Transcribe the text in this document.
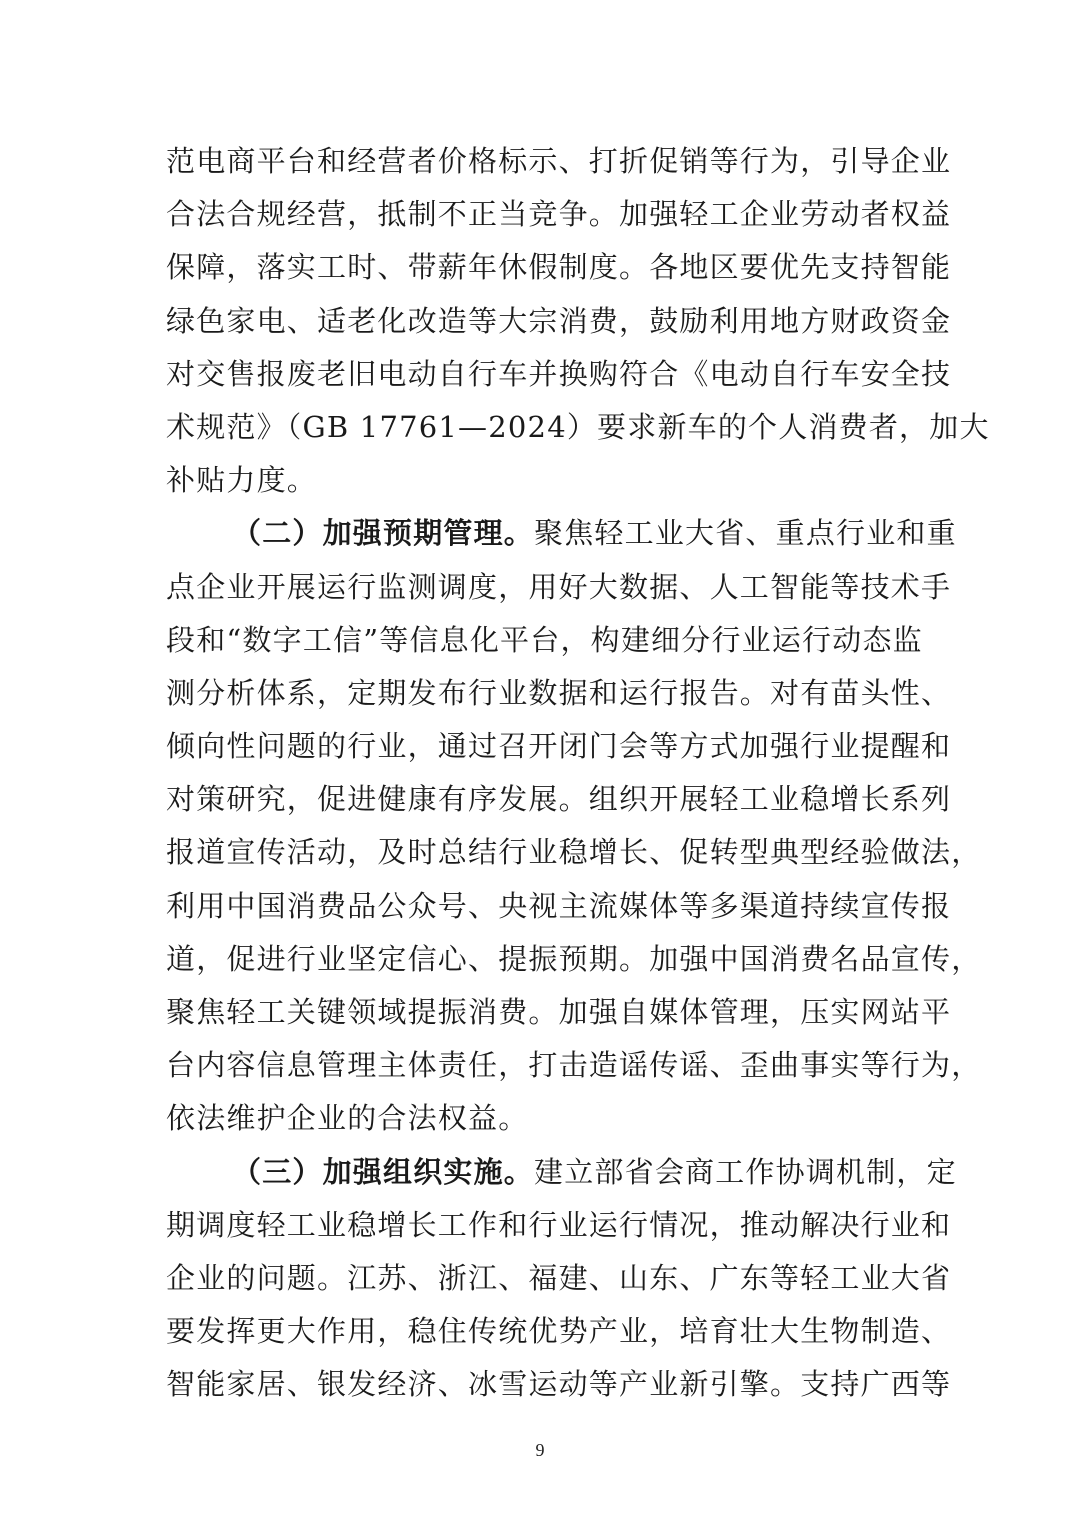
范电商平台和经营者价格标示、打折促销等行为，引导企业
合法合规经营，抵制不正当竞争。加强轻工企业劳动者权益
保障，落实工时、带薪年休假制度。各地区要优先支持智能
绿色家电、适老化改造等大宗消费，鼓励利用地方财政资金
对交售报废老旧电动自行车并换购符合《电动自行车安全技
术规范》（GB 17761—2024）要求新车的个人消费者，加大
补贴力度。
（二）加强预期管理。聚焦轻工业大省、重点行业和重
点企业开展运行监测调度，用好大数据、人工智能等技术手
段和“数字工信”等信息化平台，构建细分行业运行动态监
测分析体系，定期发布行业数据和运行报告。对有苗头性、
倾向性问题的行业，通过召开闭门会等方式加强行业提醒和
对策研究，促进健康有序发展。组织开展轻工业稳增长系列
报道宣传活动，及时总结行业稳增长、促转型典型经验做法，
利用中国消费品公众号、央视主流媒体等多渠道持续宣传报
道，促进行业坚定信心、提振预期。加强中国消费名品宣传，
聚焦轻工关键领域提振消费。加强自媒体管理，压实网站平
台内容信息管理主体责任，打击造谣传谣、歪曲事实等行为，
依法维护企业的合法权益。
（三）加强组织实施。建立部省会商工作协调机制，定
期调度轻工业稳增长工作和行业运行情况，推动解决行业和
企业的问题。江苏、浙江、福建、山东、广东等轻工业大省
要发挥更大作用，稳住传统优势产业，培育壮大生物制造、
智能家居、银发经济、冰雪运动等产业新引擎。支持广西等
9
